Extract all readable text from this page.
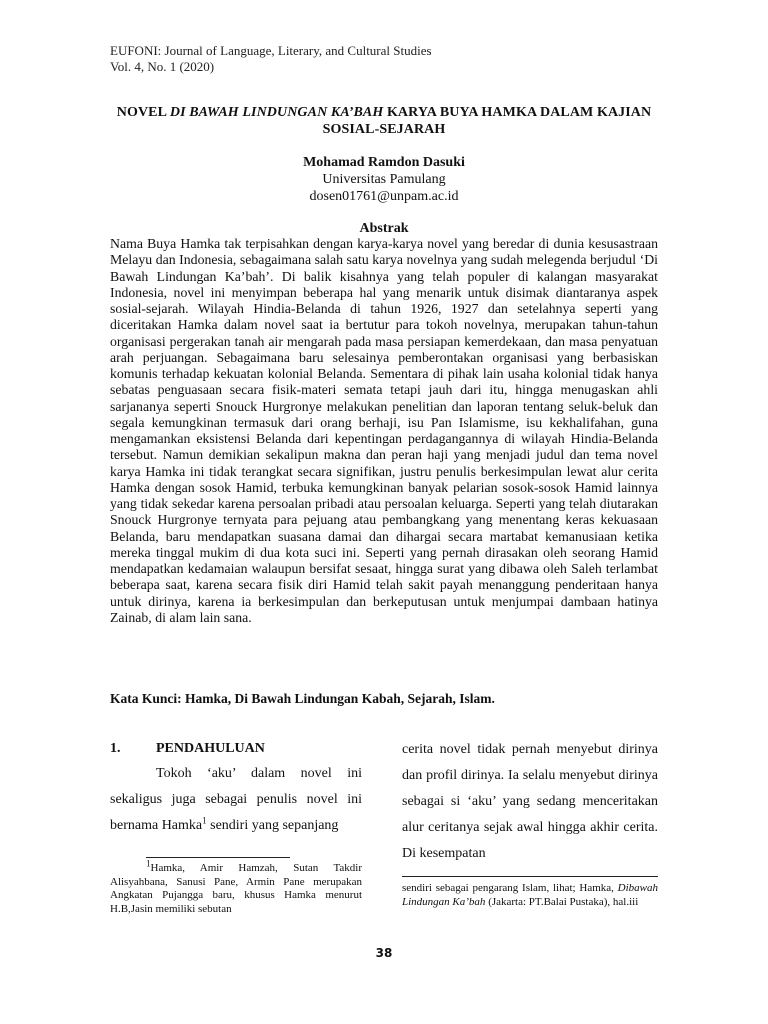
EUFONI: Journal of Language, Literary, and Cultural Studies
Vol. 4, No. 1 (2020)
NOVEL DI BAWAH LINDUNGAN KA’BAH KARYA BUYA HAMKA DALAM KAJIAN SOSIAL-SEJARAH
Mohamad Ramdon Dasuki
Universitas Pamulang
dosen01761@unpam.ac.id
Abstrak

Nama Buya Hamka tak terpisahkan dengan karya-karya novel yang beredar di dunia kesusastraan Melayu dan Indonesia, sebagaimana salah satu karya novelnya yang sudah melegenda berjudul ‘Di Bawah Lindungan Ka’bah’. Di balik kisahnya yang telah populer di kalangan masyarakat Indonesia, novel ini menyimpan beberapa hal yang menarik untuk disimak diantaranya aspek sosial-sejarah. Wilayah Hindia-Belanda di tahun 1926, 1927 dan setelahnya seperti yang diceritakan Hamka dalam novel saat ia bertutur para tokoh novelnya, merupakan tahun-tahun organisasi pergerakan tanah air mengarah pada masa persiapan kemerdekaan, dan masa penyatuan arah perjuangan. Sebagaimana baru selesainya pemberontakan organisasi yang berbasiskan komunis terhadap kekuatan kolonial Belanda. Sementara di pihak lain usaha kolonial tidak hanya sebatas penguasaan secara fisik-materi semata tetapi jauh dari itu, hingga menugaskan ahli sarjananya seperti Snouck Hurgronye melakukan penelitian dan laporan tentang seluk-beluk dan segala kemungkinan termasuk dari orang berhaji, isu Pan Islamisme, isu kekhalifahan, guna mengamankan eksistensi Belanda dari kepentingan perdagangannya di wilayah Hindia-Belanda tersebut. Namun demikian sekalipun makna dan peran haji yang menjadi judul dan tema novel karya Hamka ini tidak terangkat secara signifikan, justru penulis berkesimpulan lewat alur cerita Hamka dengan sosok Hamid, terbuka kemungkinan banyak pelarian sosok-sosok Hamid lainnya yang tidak sekedar karena persoalan pribadi atau persoalan keluarga. Seperti yang telah diutarakan Snouck Hurgronye ternyata para pejuang atau pembangkang yang menentang keras kekuasaan Belanda, baru mendapatkan suasana damai dan dihargai secara martabat kemanusiaan ketika mereka tinggal mukim di dua kota suci ini. Seperti yang pernah dirasakan oleh seorang Hamid mendapatkan kedamaian walaupun bersifat sesaat, hingga surat yang dibawa oleh Saleh terlambat beberapa saat, karena secara fisik diri Hamid telah sakit payah menanggung penderitaan hanya untuk dirinya, karena ia berkesimpulan dan berkeputusan untuk menjumpai dambaan hatinya Zainab, di alam lain sana.

Kata Kunci: Hamka, Di Bawah Lindungan Kabah, Sejarah, Islam.
1.	PENDAHULUAN

Tokoh ‘aku’ dalam novel ini sekaligus juga sebagai penulis novel ini bernama Hamka$^1$ sendiri yang sepanjang

cerita novel tidak pernah menyebut dirinya dan profil dirinya. Ia selalu menyebut dirinya sebagai si ‘aku’ yang sedang menceritakan alur ceritanya sejak awal hingga akhir cerita. Di kesempatan

$^1$Hamka, Amir Hamzah, Sutan Takdir Alisyahbana, Sanusi Pane, Armin Pane merupakan Angkatan Pujangga baru, khusus Hamka menurut H.B,Jasin memiliki sebutan

sendiri sebagai pengarang Islam, lihat; Hamka, Dibawah Lindungan Ka’bah (Jakarta: PT.Balai Pustaka), hal.iii

38
